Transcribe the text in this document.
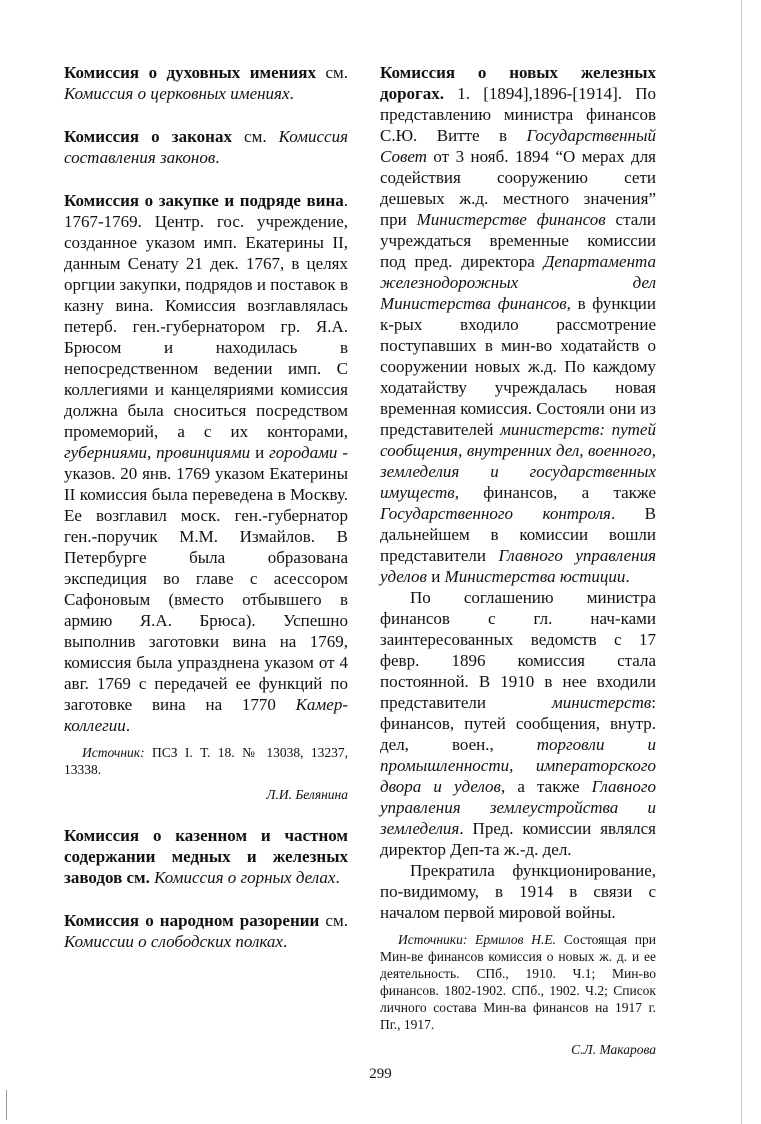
Комиссия о духовных имениях см. Комиссия о церковных имениях.

Комиссия о законах см. Комиссия составления законов.

Комиссия о закупке и подряде вина. 1767-1769. Центр. гос. учреждение, созданное указом имп. Екатерины II, данным Сенату 21 дек. 1767, в целях оргции закупки, подрядов и поставок в казну вина. Комиссия возглавлялась петерб. ген.-губернатором гр. Я.А. Брюсом и находилась в непосредственном ведении имп. С коллегиями и канцеляриями комиссия должна была сноситься посредством промеморий, а с их конторами, губерниями, провинциями и городами - указов. 20 янв. 1769 указом Екатерины II комиссия была переведена в Москву. Ее возглавил моск. ген.-губернатор ген.-поручик М.М. Измайлов. В Петербурге была образована экспедиция во главе с асессором Сафоновым (вместо отбывшего в армию Я.А. Брюса). Успешно выполнив заготовки вина на 1769, комиссия была упразднена указом от 4 авг. 1769 с передачей ее функций по заготовке вина на 1770 Камер-коллегии.

Источник: ПСЗ I. Т. 18. № 13038, 13237, 13338.

Л.И. Белянина

Комиссия о казенном и частном содержании медных и железных заводов см. Комиссия о горных делах.

Комиссия о народном разорении см. Комиссии о слободских полках.

Комиссия о новых железных дорогах. 1. [1894],1896-[1914]. По представлению министра финансов С.Ю. Витте в Государственный Совет от 3 нояб. 1894 “О мерах для содействия сооружению сети дешевых ж.д. местного значения” при Министерстве финансов стали учреждаться временные комиссии под пред. директора Департамента железнодорожных дел Министерства финансов, в функции к-рых входило рассмотрение поступавших в мин-во ходатайств о сооружении новых ж.д. По каждому ходатайству учреждалась новая временная комиссия. Состояли они из представителей министерств: путей сообщения, внутренних дел, военного, земледелия и государственных имуществ, финансов, а также Государственного контроля. В дальнейшем в комиссии вошли представители Главного управления уделов и Министерства юстиции.

По соглашению министра финансов с гл. нач-ками заинтересованных ведомств с 17 февр. 1896 комиссия стала постоянной. В 1910 в нее входили представители министерств: финансов, путей сообщения, внутр. дел, воен., торговли и промышленности, императорского двора и уделов, а также Главного управления землеустройства и земледелия. Пред. комиссии являлся директор Деп-та ж.-д. дел.

Прекратила функционирование, по-видимому, в 1914 в связи с началом первой мировой войны.

Источники: Ермилов Н.Е. Состоящая при Мин-ве финансов комиссия о новых ж. д. и ее деятельность. СПб., 1910. Ч.1; Мин-во финансов. 1802-1902. СПб., 1902. Ч.2; Список личного состава Мин-ва финансов на 1917 г. Пг., 1917.

С.Л. Макарова

299
